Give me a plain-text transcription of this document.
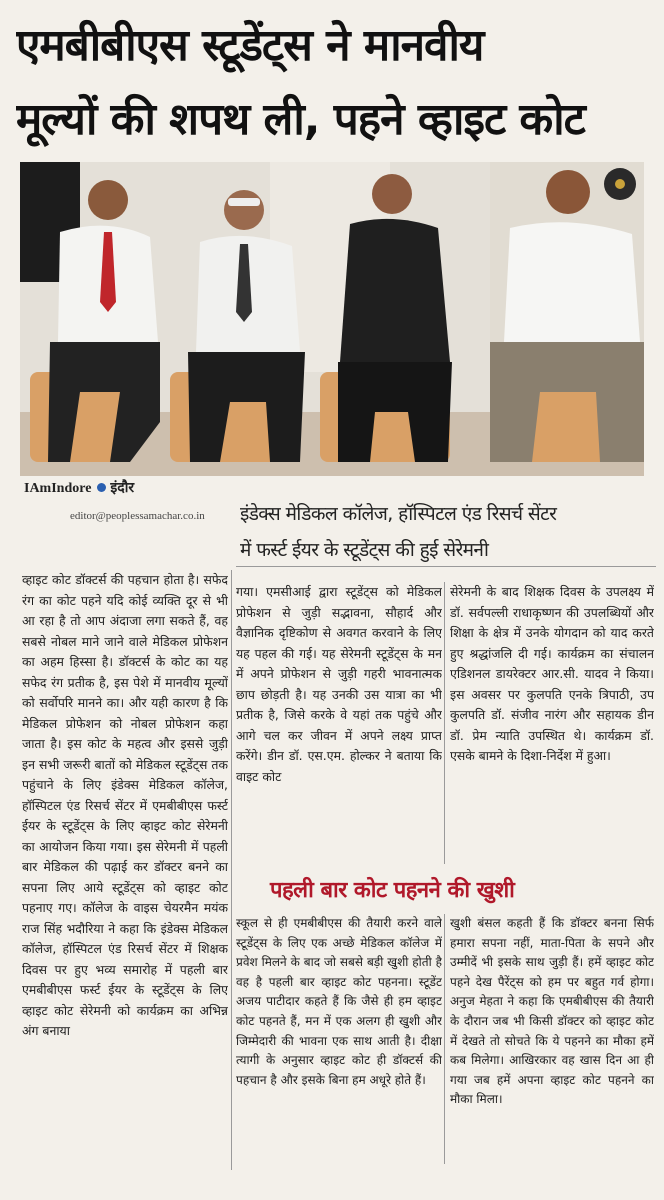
एमबीबीएस स्टूडेंट्स ने मानवीय
मूल्यों की शपथ ली, पहने व्हाइट कोट
IAmIndore इंदौर
editor@peoplessamachar.co.in इंडेक्स मेडिकल कॉलेज, हॉस्पिटल एंड रिसर्च सेंटर
में फर्स्ट ईयर के स्टूडेंट्स की हुई सेरेमनी
व्हाइट कोट डॉक्टर्स की पहचान होता है। सफेद रंग का कोट पहने यदि कोई व्यक्ति दूर से भी आ रहा है तो आप अंदाजा लगा सकते हैं, वह सबसे नोबल माने जाने वाले मेडिकल प्रोफेशन का अहम हिस्सा है। डॉक्टर्स के कोट का यह सफेद रंग प्रतीक है, इस पेशे में मानवीय मूल्यों को सर्वोपरि मानने का। और यही कारण है कि मेडिकल प्रोफेशन को नोबल प्रोफेशन कहा जाता है। इस कोट के महत्व और इससे जुड़ी इन सभी जरूरी बातों को मेडिकल स्टूडेंट्स तक पहुंचाने के लिए इंडेक्स मेडिकल कॉलेज, हॉस्पिटल एंड रिसर्च सेंटर में एमबीबीएस फर्स्ट ईयर के स्टूडेंट्स के लिए व्हाइट कोट सेरेमनी का आयोजन किया गया। इस सेरेमनी में पहली बार मेडिकल की पढ़ाई कर डॉक्टर बनने का सपना लिए आये स्टूडेंट्स को व्हाइट कोट पहनाए गए। कॉलेज के वाइस चेयरमैन मयंक राज सिंह भदौरिया ने कहा कि इंडेक्स मेडिकल कॉलेज, हॉस्पिटल एंड रिसर्च सेंटर में शिक्षक दिवस पर हुए भव्य समारोह में पहली बार एमबीबीएस फर्स्ट ईयर के स्टूडेंट्स के लिए व्हाइट कोट सेरेमनी को कार्यक्रम का अभिन्न अंग बनाया
गया। एमसीआई द्वारा स्टूडेंट्स को मेडिकल प्रोफेशन से जुड़ी सद्भावना, सौहार्द और वैज्ञानिक दृष्टिकोण से अवगत करवाने के लिए यह पहल की गई। यह सेरेमनी स्टूडेंट्स के मन में अपने प्रोफेशन से जुड़ी गहरी भावनात्मक छाप छोड़ती है। यह उनकी उस यात्रा का भी प्रतीक है, जिसे करके वे यहां तक पहुंचे और आगे चल कर जीवन में अपने लक्ष्य प्राप्त करेंगे। डीन डॉ. एस.एम. होल्कर ने बताया कि वाइट कोट
सेरेमनी के बाद शिक्षक दिवस के उपलक्ष्य में डॉ. सर्वपल्ली राधाकृष्णन की उपलब्धियों और शिक्षा के क्षेत्र में उनके योगदान को याद करते हुए श्रद्धांजलि दी गई। कार्यक्रम का संचालन एडिशनल डायरेक्टर आर.सी. यादव ने किया। इस अवसर पर कुलपति एनके त्रिपाठी, उप कुलपति डॉ. संजीव नारंग और सहायक डीन डॉ. प्रेम न्याति उपस्थित थे। कार्यक्रम डॉ. एसके बामने के दिशा-निर्देश में हुआ।
पहली बार कोट पहनने की खुशी
स्कूल से ही एमबीबीएस की तैयारी करने वाले स्टूडेंट्स के लिए एक अच्छे मेडिकल कॉलेज में प्रवेश मिलने के बाद जो सबसे बड़ी खुशी होती है वह है पहली बार व्हाइट कोट पहनना। स्टूडेंट अजय पाटीदार कहते हैं कि जैसे ही हम व्हाइट कोट पहनते हैं, मन में एक अलग ही खुशी और जिम्मेदारी की भावना एक साथ आती है। दीक्षा त्यागी के अनुसार व्हाइट कोट ही डॉक्टर्स की पहचान है और इसके बिना हम अधूरे होते हैं।
खुशी बंसल कहती हैं कि डॉक्टर बनना सिर्फ हमारा सपना नहीं, माता-पिता के सपने और उम्मीदें भी इसके साथ जुड़ी हैं। हमें व्हाइट कोट पहने देख पैरेंट्स को हम पर बहुत गर्व होगा। अनुज मेहता ने कहा कि एमबीबीएस की तैयारी के दौरान जब भी किसी डॉक्टर को व्हाइट कोट में देखते तो सोचते कि ये पहनने का मौका हमें कब मिलेगा। आखिरकार वह खास दिन आ ही गया जब हमें अपना व्हाइट कोट पहनने का मौका मिला।
